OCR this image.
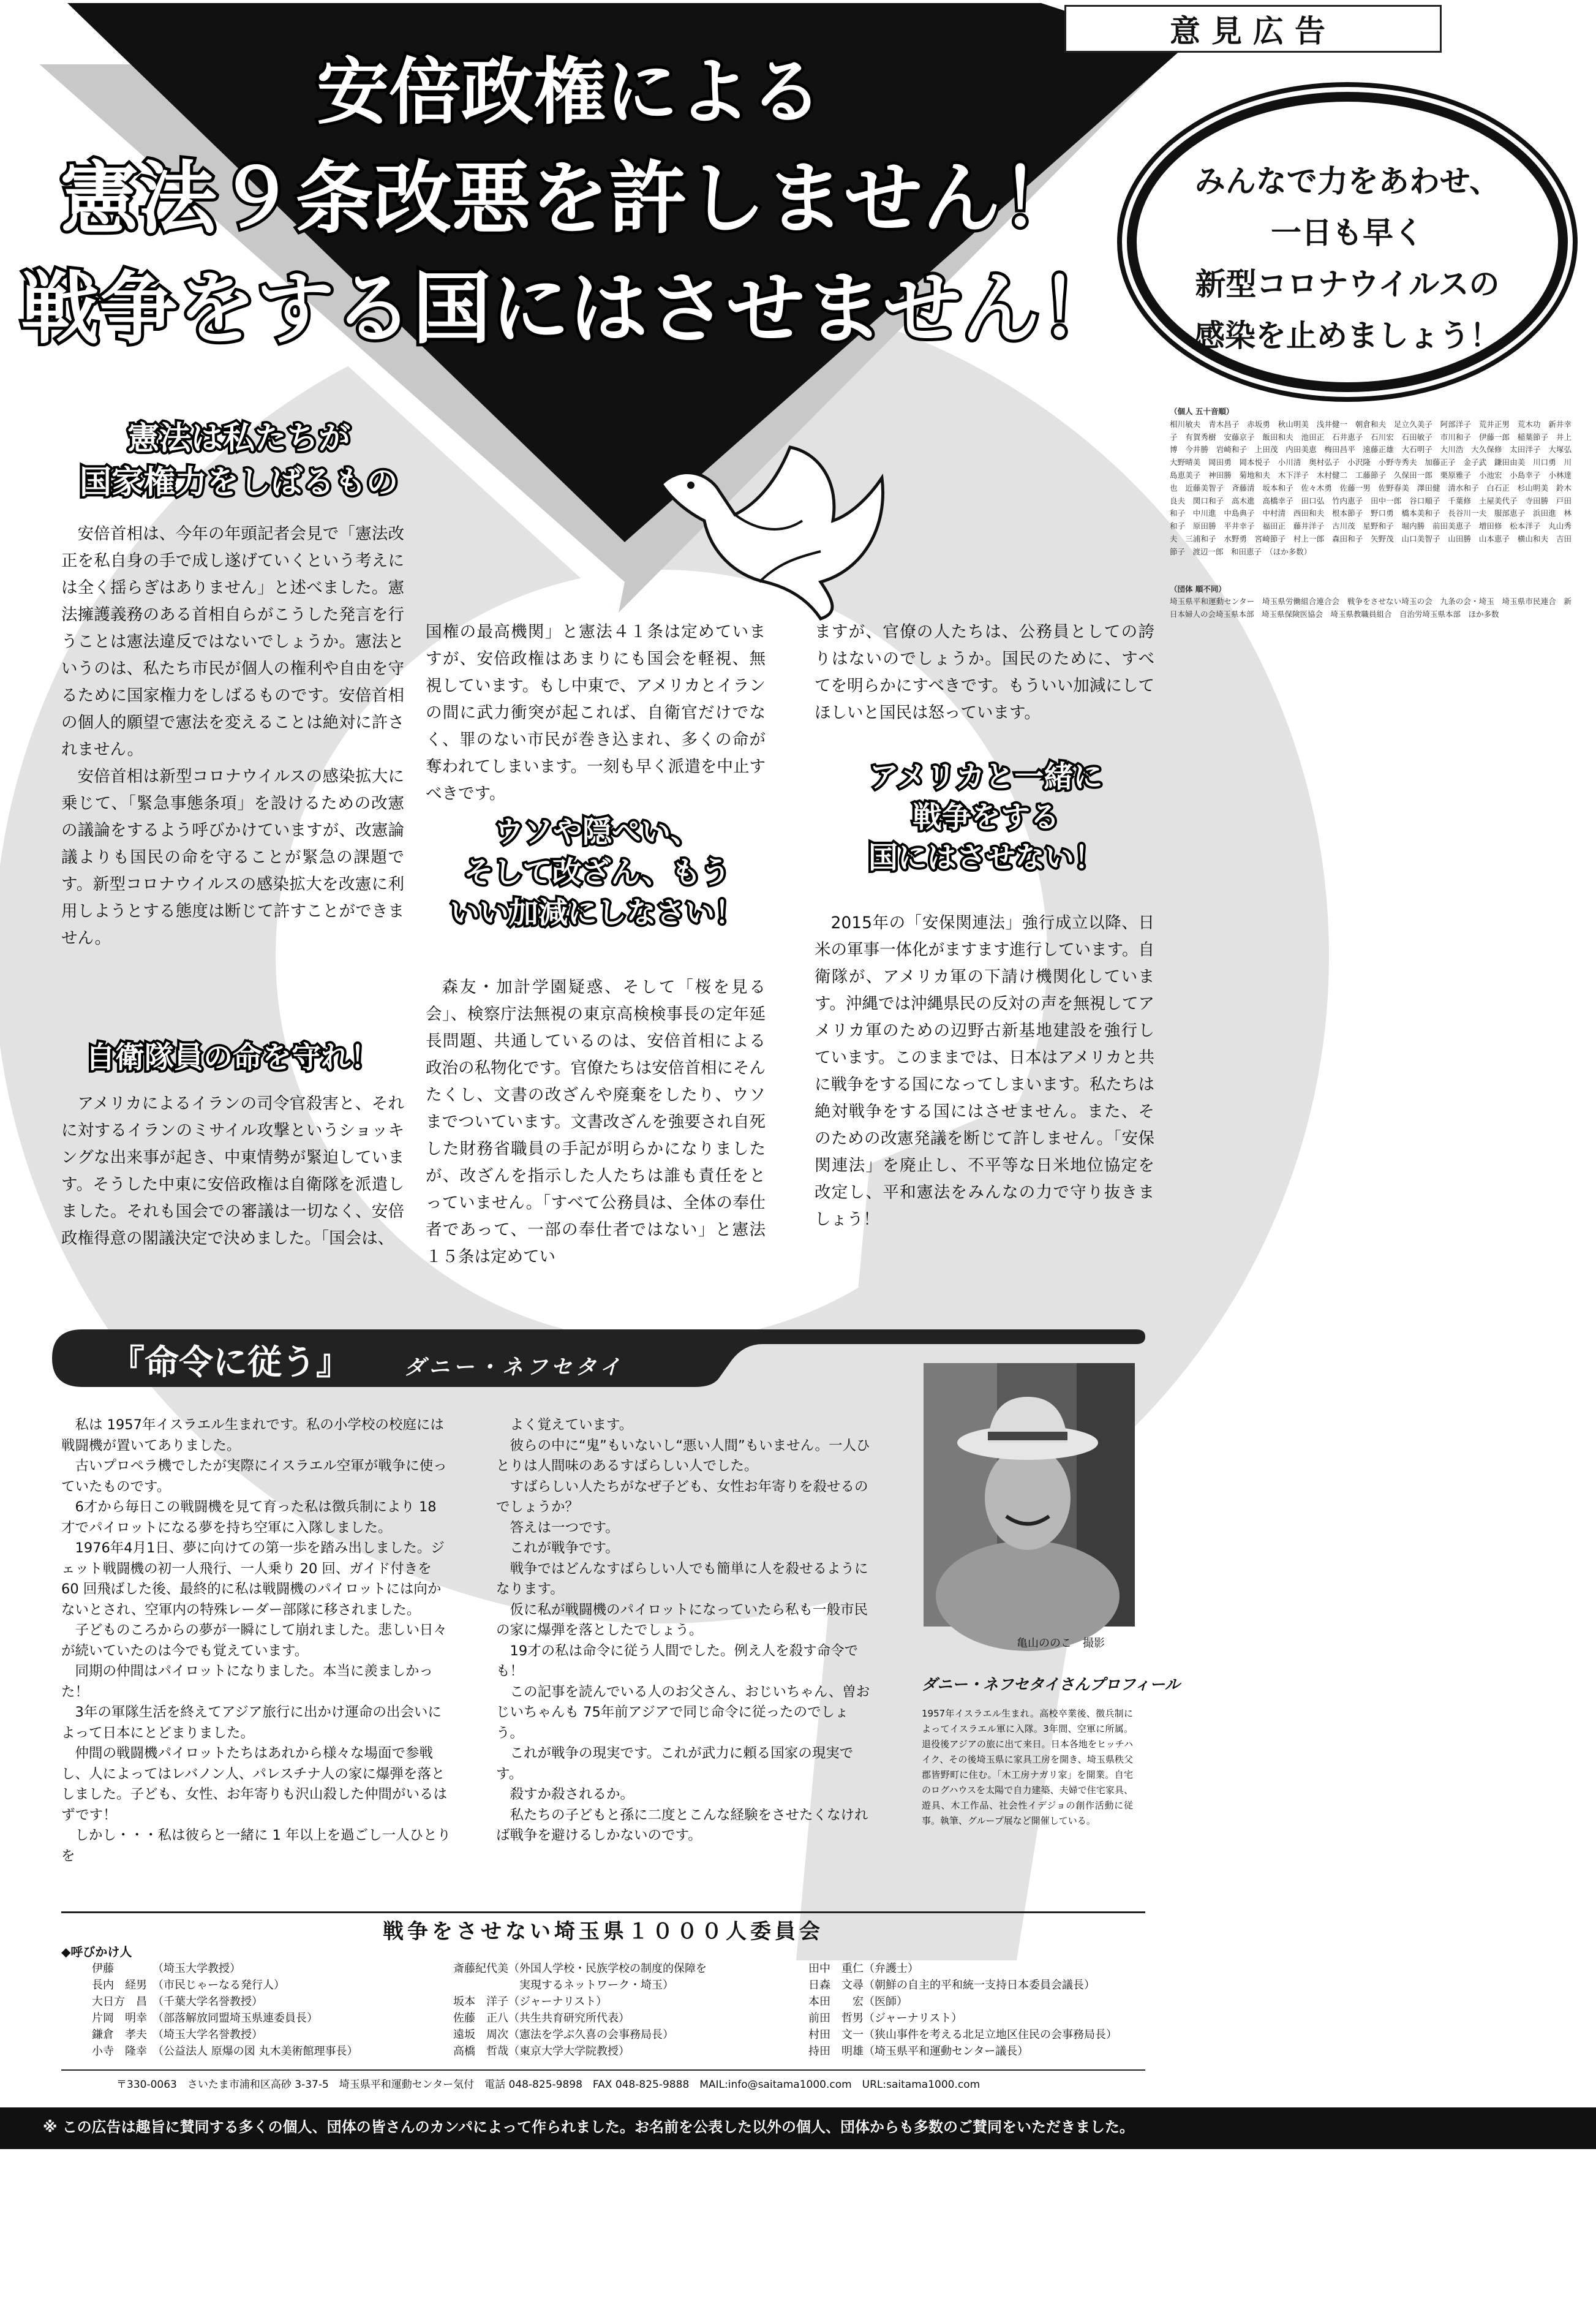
意見広告
安倍政権による
憲法９条改悪を許しません！
戦争をする国にはさせません！
みんなで力をあわせ、
一日も早く
新型コロナウイルスの
感染を止めましょう！
憲法は私たちが
国家権力をしばるもの

安倍首相は、今年の年頭記者会見で「憲法改正を私自身の手で成し遂げていくという考えには全く揺らぎはありません」と述べました。憲法擁護義務のある首相自らがこうした発言を行うことは憲法違反ではないでしょうか。憲法というのは、私たち市民が個人の権利や自由を守るために国家権力をしばるものです。安倍首相の個人的願望で憲法を変えることは絶対に許されません。

安倍首相は新型コロナウイルスの感染拡大に乗じて、「緊急事態条項」を設けるための改憲の議論をするよう呼びかけていますが、改憲論議よりも国民の命を守ることが緊急の課題です。新型コロナウイルスの感染拡大を改憲に利用しようとする態度は断じて許すことができません。

自衛隊員の命を守れ！

アメリカによるイランの司令官殺害と、それに対するイランのミサイル攻撃というショッキングな出来事が起き、中東情勢が緊迫しています。そうした中東に安倍政権は自衛隊を派遣しました。それも国会での審議は一切なく、安倍政権得意の閣議決定で決めました。「国会は、

国権の最高機関」と憲法４１条は定めていますが、安倍政権はあまりにも国会を軽視、無視しています。もし中東で、アメリカとイランの間に武力衝突が起これば、自衛官だけでなく、罪のない市民が巻き込まれ、多くの命が奪われてしまいます。一刻も早く派遣を中止すべきです。
ウソや隠ぺい、
そして改ざん、もう
いい加減にしなさい！

森友・加計学園疑惑、そして「桜を見る会」、検察庁法無視の東京高検検事長の定年延長問題、共通しているのは、安倍首相による政治の私物化です。官僚たちは安倍首相にそんたくし、文書の改ざんや廃棄をしたり、ウソまでついています。文書改ざんを強要され自死した財務省職員の手記が明らかになりましたが、改ざんを指示した人たちは誰も責任をとっていません。「すべて公務員は、全体の奉仕者であって、一部の奉仕者ではない」と憲法１５条は定めてい

ますが、官僚の人たちは、公務員としての誇りはないのでしょうか。国民のために、すべてを明らかにすべきです。もういい加減にしてほしいと国民は怒っています。
アメリカと一緒に
戦争をする
国にはさせない！

2015年の「安保関連法」強行成立以降、日米の軍事一体化がますます進行しています。自衛隊が、アメリカ軍の下請け機関化しています。沖縄では沖縄県民の反対の声を無視してアメリカ軍のための辺野古新基地建設を強行しています。このままでは、日本はアメリカと共に戦争をする国になってしまいます。私たちは絶対戦争をする国にはさせません。また、そのための改憲発議を断じて許しません。「安保関連法」を廃止し、不平等な日米地位協定を改定し、平和憲法をみんなの力で守り抜きましょう！

（個人 五十音順）
相川敏夫　青木昌子　赤坂勇　秋山明美　浅井健一　朝倉和夫　足立久美子　阿部洋子　荒井正男　荒木功　新井幸子　有賀秀樹　安藤京子　飯田和夫　池田正　石井恵子　石川宏　石田敏子　市川和子　伊藤一郎　稲葉節子　井上博　今井勝　岩崎和子　上田茂　内田美恵　梅田昌平　遠藤正雄　大石明子　大川浩　大久保修　太田洋子　大塚弘　大野晴美　岡田勇　岡本悦子　小川清　奥村弘子　小沢隆　小野寺秀夫　加藤正子　金子武　鎌田由美　川口勇　川島恵美子　神田勝　菊地和夫　木下洋子　木村健二　工藤節子　久保田一郎　栗原雅子　小池宏　小島幸子　小林達也　近藤美智子　斉藤清　坂本和子　佐々木勇　佐藤一男　佐野春美　澤田健　清水和子　白石正　杉山明美　鈴木良夫　関口和子　高木進　高橋幸子　田口弘　竹内恵子　田中一郎　谷口順子　千葉修　土屋美代子　寺田勝　戸田和子　中川進　中島典子　中村清　西田和夫　根本節子　野口勇　橋本美和子　長谷川一夫　服部恵子　浜田進　林和子　原田勝　平井幸子　福田正　藤井洋子　古川茂　星野和子　堀内勝　前田美恵子　増田修　松本洋子　丸山秀夫　三浦和子　水野勇　宮崎節子　村上一郎　森田和子　矢野茂　山口美智子　山田勝　山本恵子　横山和夫　吉田節子　渡辺一郎　和田恵子　（ほか多数）
（団体 順不同）
埼玉県平和運動センター　埼玉県労働組合連合会　戦争をさせない埼玉の会　九条の会・埼玉　埼玉県市民連合　新日本婦人の会埼玉県本部　埼玉県保険医協会　埼玉県教職員組合　自治労埼玉県本部　ほか多数
『命令に従う』	ダニー・ネフセタイ

私は 1957年イスラエル生まれです。私の小学校の校庭には戦闘機が置いてありました。

古いプロペラ機でしたが実際にイスラエル空軍が戦争に使っていたものです。

6才から毎日この戦闘機を見て育った私は徴兵制により 18 才でパイロットになる夢を持ち空軍に入隊しました。

1976年4月1日、夢に向けての第一歩を踏み出しました。ジェット戦闘機の初一人飛行、一人乗り 20 回、ガイド付きを 60 回飛ばした後、最終的に私は戦闘機のパイロットには向かないとされ、空軍内の特殊レーダー部隊に移されました。

子どものころからの夢が一瞬にして崩れました。悲しい日々が続いていたのは今でも覚えています。

同期の仲間はパイロットになりました。本当に羨ましかった！

3年の軍隊生活を終えてアジア旅行に出かけ運命の出会いによって日本にとどまりました。

仲間の戦闘機パイロットたちはあれから様々な場面で参戦し、人によってはレバノン人、パレスチナ人の家に爆弾を落としました。子ども、女性、お年寄りも沢山殺した仲間がいるはずです！

しかし・・・私は彼らと一緒に 1 年以上を過ごし一人ひとりを

よく覚えています。

彼らの中に“鬼”もいないし“悪い人間”もいません。一人ひとりは人間味のあるすばらしい人でした。

すばらしい人たちがなぜ子ども、女性お年寄りを殺せるのでしょうか？

答えは一つです。

これが戦争です。

戦争ではどんなすばらしい人でも簡単に人を殺せるようになります。

仮に私が戦闘機のパイロットになっていたら私も一般市民の家に爆弾を落としたでしょう。

19才の私は命令に従う人間でした。例え人を殺す命令でも！

この記事を読んでいる人のお父さん、おじいちゃん、曽おじいちゃんも 75年前アジアで同じ命令に従ったのでしょう。

これが戦争の現実です。これが武力に頼る国家の現実です。

殺すか殺されるか。

私たちの子どもと孫に二度とこんな経験をさせたくなければ戦争を避けるしかないのです。

亀山ののこ　撮影
ダニー・ネフセタイさんプロフィール
1957年イスラエル生まれ。高校卒業後、徴兵制によってイスラエル軍に入隊。3年間、空軍に所属。退役後アジアの旅に出て来日。日本各地をヒッチハイク、その後埼玉県に家具工房を開き、埼玉県秩父郡皆野町に住む。「木工房ナガリ家」を開業。自宅のログハウスを太陽で自力建築、夫婦で住宅家具、遊具、木工作品、社会性イデジョの創作活動に従事。執筆、グループ展など開催している。
戦争をさせない埼玉県１０００人委員会
◆呼びかけ人
伊藤　　　　（埼玉大学教授）
長内　経男　（市民じゃーなる発行人）
大日方　昌　（千葉大学名誉教授）
片岡　明幸　（部落解放同盟埼玉県連委員長）
鎌倉　孝夫　（埼玉大学名誉教授）
小寺　隆幸　（公益法人 原爆の図 丸木美術館理事長）
斎藤紀代美（外国人学校・民族学校の制度的保障を
　　　　　　実現するネットワーク・埼玉）
坂本　洋子（ジャーナリスト）
佐藤　正八（共生共育研究所代表）
遠坂　周次（憲法を学ぶ久喜の会事務局長）
高橋　哲哉（東京大学大学院教授）
田中　重仁（弁護士）
日森　文尋（朝鮮の自主的平和統一支持日本委員会議長）
本田　　宏（医師）
前田　哲男（ジャーナリスト）
村田　文一（狭山事件を考える北足立地区住民の会事務局長）
持田　明雄（埼玉県平和運動センター議長）
〒330-0063　さいたま市浦和区高砂 3-37-5　埼玉県平和運動センター気付　電話 048-825-9898　FAX 048-825-9888　MAIL:info@saitama1000.com　URL:saitama1000.com
※ この広告は趣旨に賛同する多くの個人、団体の皆さんのカンパによって作られました。お名前を公表した以外の個人、団体からも多数のご賛同をいただきました。
